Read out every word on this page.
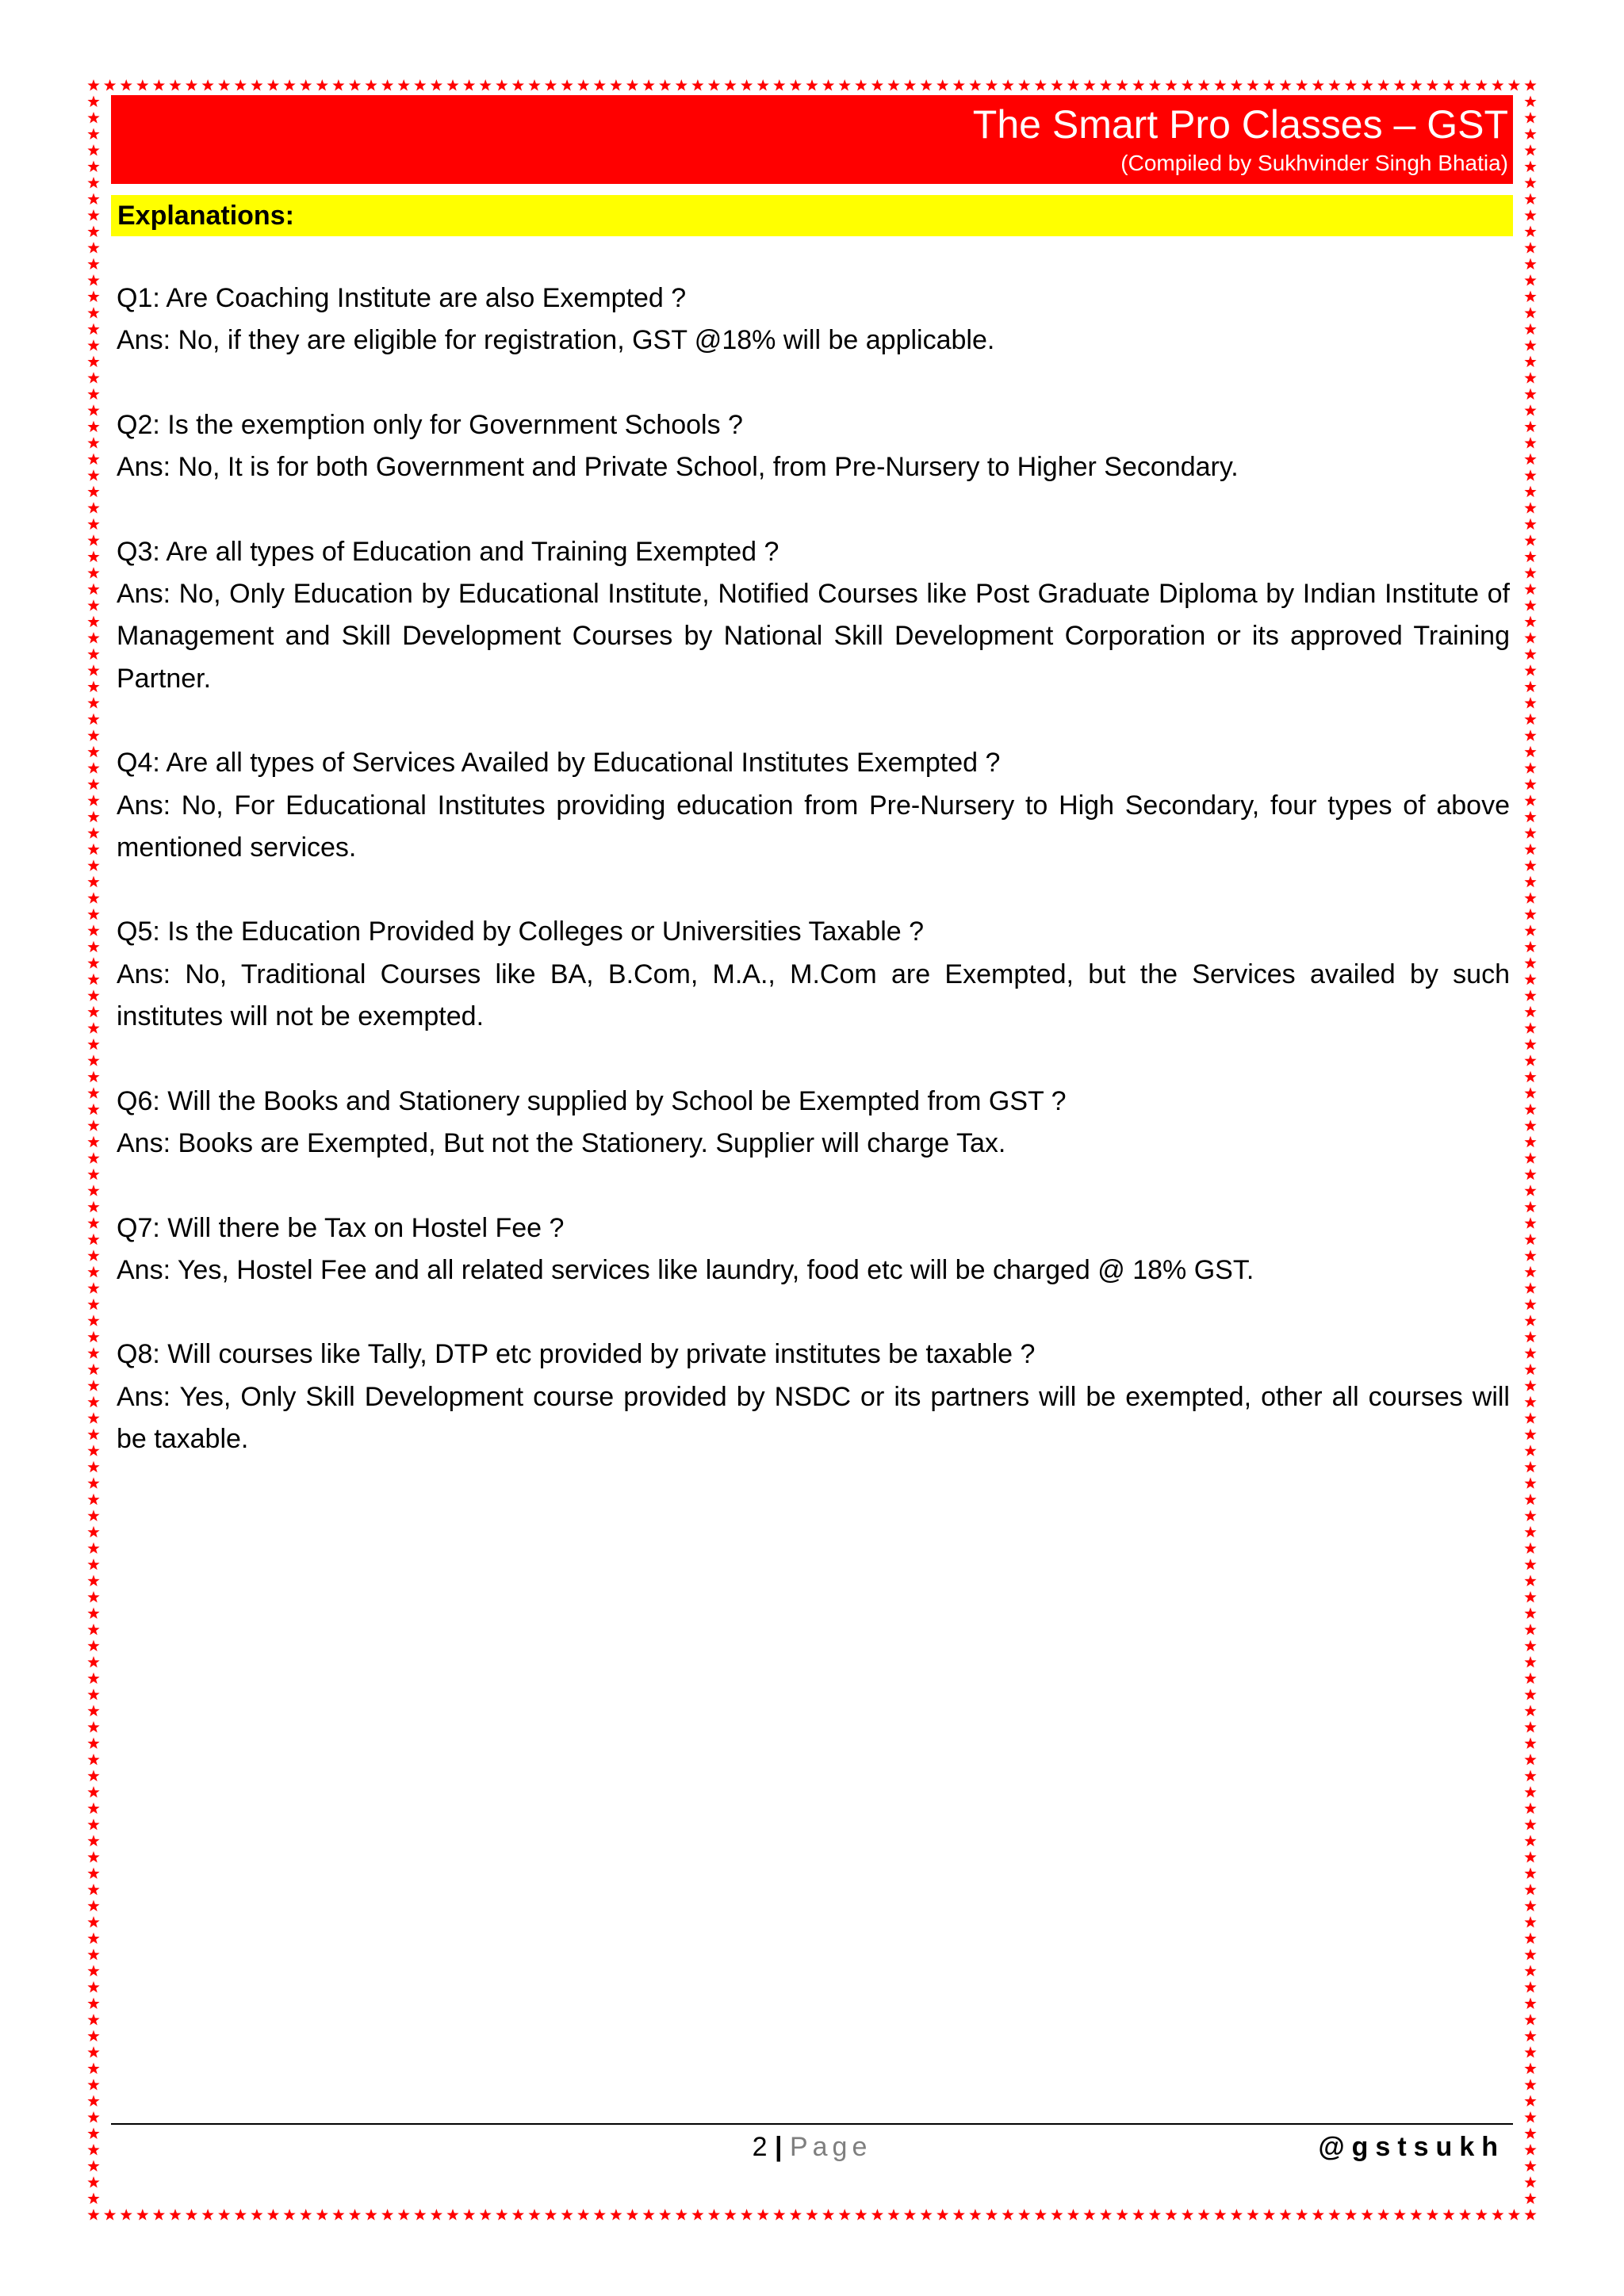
The Smart Pro Classes – GST
(Compiled by Sukhvinder Singh Bhatia)
Explanations:

Q1: Are Coaching Institute are also Exempted ?

Ans: No, if they are eligible for registration, GST @18% will be applicable.

Q2: Is the exemption only for Government Schools ?

Ans: No, It is for both Government and Private School, from Pre-Nursery to Higher Secondary.

Q3: Are all types of Education and Training Exempted ?

Ans: No, Only Education by Educational Institute, Notified Courses like Post Graduate Diploma by Indian Institute of Management and Skill Development Courses by National Skill Development Corporation or its approved Training Partner.

Q4: Are all types of Services Availed by Educational Institutes Exempted ?

Ans: No, For Educational Institutes providing education from Pre-Nursery to High Secondary, four types of above mentioned services.

Q5: Is the Education Provided by Colleges or Universities Taxable ?

Ans: No, Traditional Courses like BA, B.Com, M.A., M.Com are Exempted, but the Services availed by such institutes will not be exempted.

Q6: Will the Books and Stationery supplied by School be Exempted from GST ?

Ans: Books are Exempted, But not the Stationery. Supplier will charge Tax.

Q7: Will there be Tax on Hostel Fee ?

Ans: Yes, Hostel Fee and all related services like laundry, food etc will be charged @ 18% GST.

Q8: Will courses like Tally, DTP etc provided by private institutes be taxable ?

Ans: Yes, Only Skill Development course provided by NSDC or its partners will be exempted, other all courses will be taxable.

2 | Page	@gstsukh
